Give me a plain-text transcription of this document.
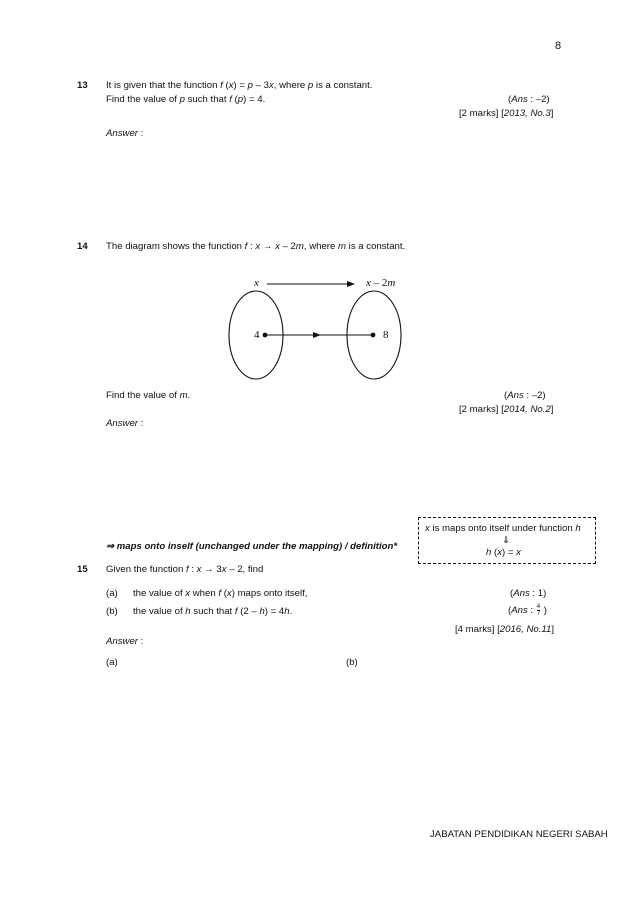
8
13 It is given that the function f (x) = p – 3x, where p is a constant.
Find the value of p such that f (p) = 4.	(Ans : –2)
[2 marks] [2013, No.3]
Answer :
14 The diagram shows the function f : x → x – 2m, where m is a constant.
x	x – 2m
4	8
Find the value of m.	(Ans : –2)
[2 marks] [2014, No.2]
Answer :
⇒ maps onto inself (unchanged under the mapping) / definition*
x is maps onto itself under function h
⇓
h (x) = x
15 Given the function f : x → 3x – 2, find
(a) the value of x when f (x) maps onto itself,	(Ans : 1)
(b) the value of h such that f (2 – h) = 4h.	(Ans : $\frac{4}{7}$ )
[4 marks] [2016, No.11]
Answer :
(a)	(b)
JABATAN PENDIDIKAN NEGERI SABAH
